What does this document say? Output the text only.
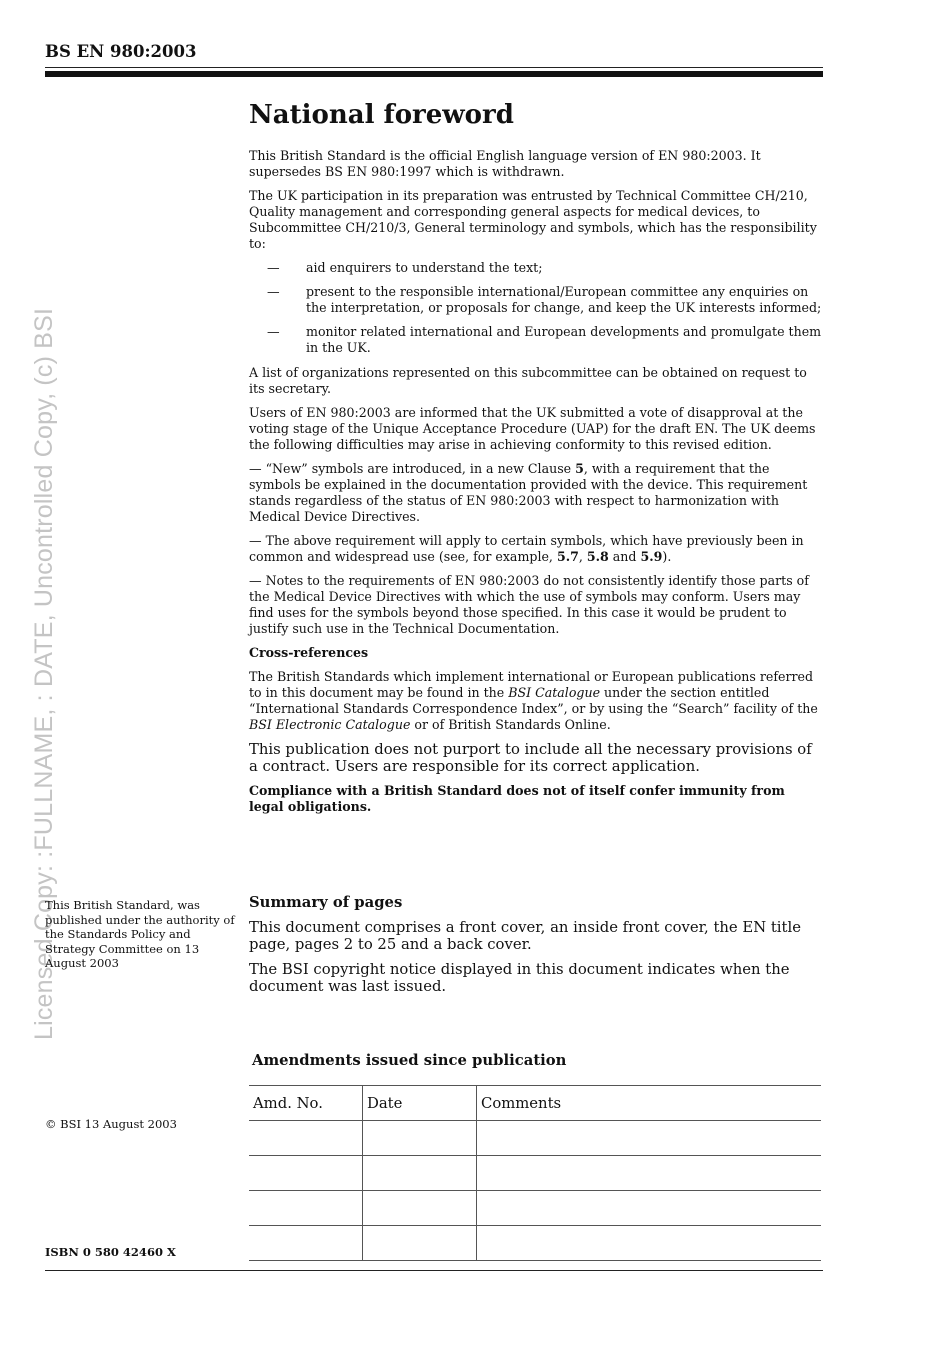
Licensed Copy: :FULLNAME, : DATE, Uncontrolled Copy, (c) BSI
BS EN 980:2003
National foreword

This British Standard is the official English language version of EN 980:2003. It supersedes BS EN 980:1997 which is withdrawn.

The UK participation in its preparation was entrusted by Technical Committee CH/210, Quality management and corresponding general aspects for medical devices, to Subcommittee CH/210/3, General terminology and symbols, which has the responsibility to:

— aid enquirers to understand the text;
— present to the responsible international/European committee any enquiries on the interpretation, or proposals for change, and keep the UK interests informed;
— monitor related international and European developments and promulgate them in the UK.

A list of organizations represented on this subcommittee can be obtained on request to its secretary.

Users of EN 980:2003 are informed that the UK submitted a vote of disapproval at the voting stage of the Unique Acceptance Procedure (UAP) for the draft EN. The UK deems the following difficulties may arise in achieving conformity to this revised edition.

— “New” symbols are introduced, in a new Clause 5, with a requirement that the symbols be explained in the documentation provided with the device. This requirement stands regardless of the status of EN 980:2003 with respect to harmonization with Medical Device Directives.

— The above requirement will apply to certain symbols, which have previously been in common and widespread use (see, for example, 5.7, 5.8 and 5.9).

— Notes to the requirements of EN 980:2003 do not consistently identify those parts of the Medical Device Directives with which the use of symbols may conform. Users may find uses for the symbols beyond those specified. In this case it would be prudent to justify such use in the Technical Documentation.

Cross-references

The British Standards which implement international or European publications referred to in this document may be found in the BSI Catalogue under the section entitled “International Standards Correspondence Index”, or by using the “Search” facility of the BSI Electronic Catalogue or of British Standards Online.

This publication does not purport to include all the necessary provisions of a contract. Users are responsible for its correct application.

Compliance with a British Standard does not of itself confer immunity from legal obligations.

This British Standard, was published under the authority of the Standards Policy and Strategy Committee on 13 August 2003

Summary of pages

This document comprises a front cover, an inside front cover, the EN title page, pages 2 to 25 and a back cover.

The BSI copyright notice displayed in this document indicates when the document was last issued.

Amendments issued since publication
Amd. No.	Date	Comments

© BSI 13 August 2003
ISBN 0 580 42460 X
